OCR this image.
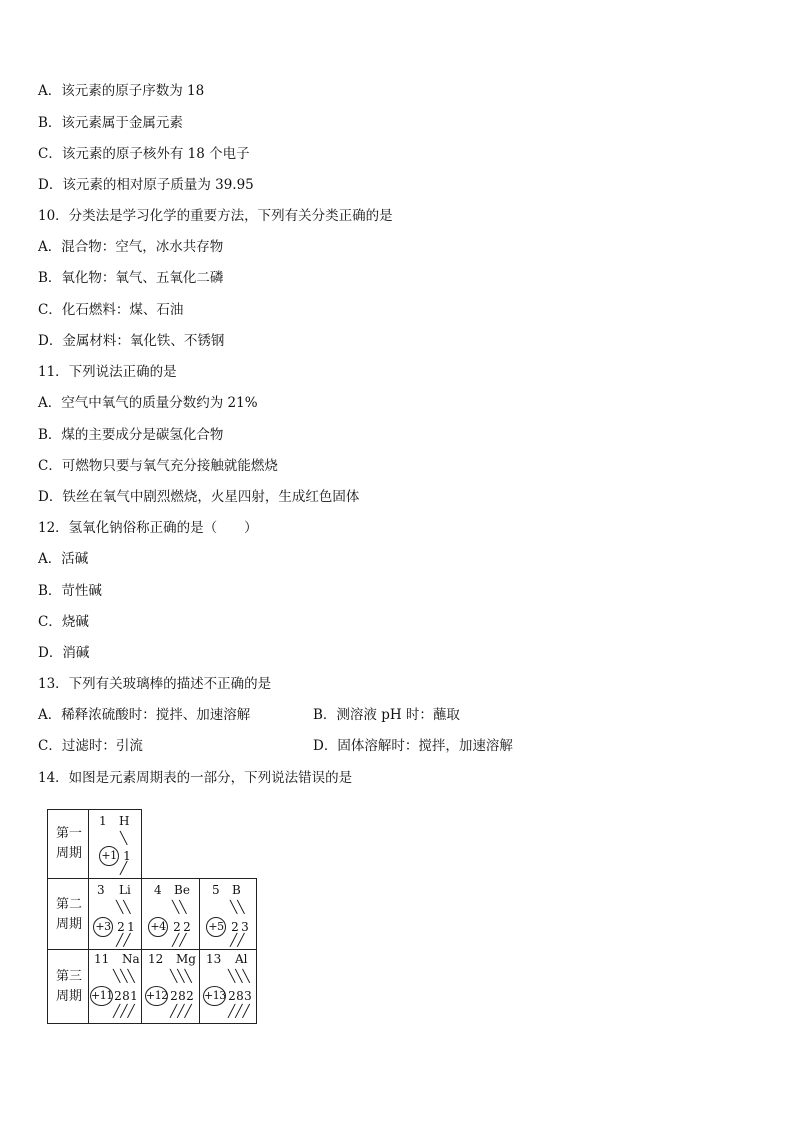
A．该元素的原子序数为 18
B．该元素属于金属元素
C．该元素的原子核外有 18 个电子
D．该元素的相对原子质量为 39.95
10．分类法是学习化学的重要方法，下列有关分类正确的是
A．混合物：空气，冰水共存物
B．氧化物：氧气、五氧化二磷
C．化石燃料：煤、石油
D．金属材料：氧化铁、不锈钢
11．下列说法正确的是
A．空气中氧气的质量分数约为 21%
B．煤的主要成分是碳氢化合物
C．可燃物只要与氧气充分接触就能燃烧
D．铁丝在氧气中剧烈燃烧，火星四射，生成红色固体
12．氢氧化钠俗称正确的是（　　）
A．活碱
B．苛性碱
C．烧碱
D．消碱
13．下列有关玻璃棒的描述不正确的是
A．稀释浓硫酸时：搅拌、加速溶解	B．测溶液 pH 时：蘸取
C．过滤时：引流	D．固体溶解时：搅拌，加速溶解
14．如图是元素周期表的一部分，下列说法错误的是
第一
周期
第二
周期
第三
周期
1 H
╲
+1 1
╱
3 Li
╲╲
+3 2 1
╱╱
4 Be
╲╲
+4 2 2
╱╱
5 B
╲╲
+5 2 3
╱╱
11 Na
╲╲╲
+11 2 8 1
╱╱╱
12 Mg
╲╲╲
+12 2 8 2
╱╱╱
13 Al
╲╲╲
+13 2 8 3
╱╱╱
